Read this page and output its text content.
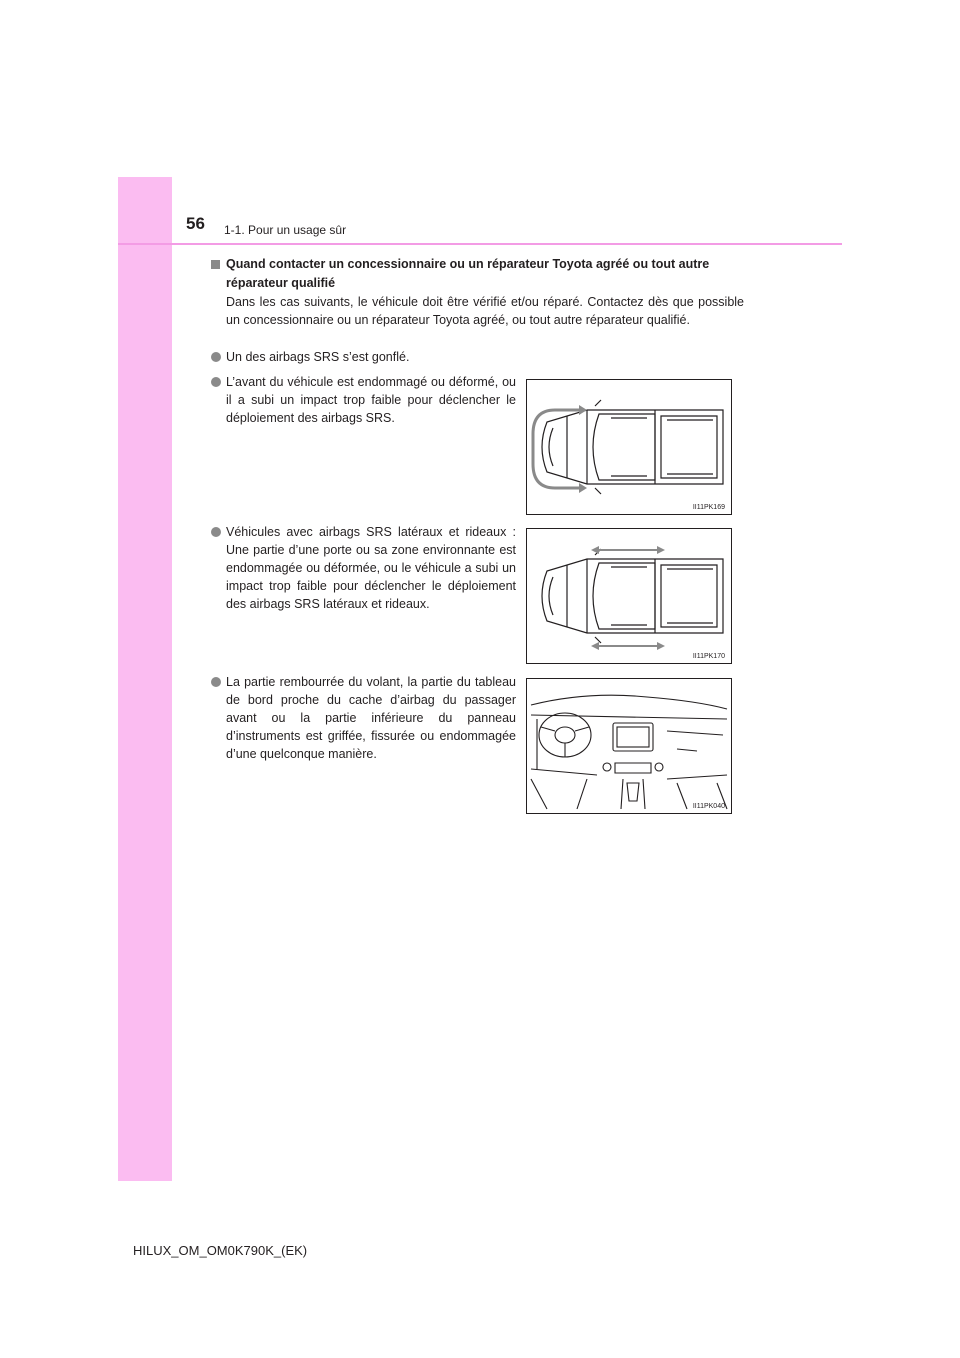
56 1-1. Pour un usage sûr
Quand contacter un concessionnaire ou un réparateur Toyota agréé ou tout autre réparateur qualifié
Dans les cas suivants, le véhicule doit être vérifié et/ou réparé. Contactez dès que possible un concessionnaire ou un réparateur Toyota agréé, ou tout autre réparateur qualifié.
Un des airbags SRS s’est gonflé.
L’avant du véhicule est endommagé ou déformé, ou il a subi un impact trop faible pour déclencher le déploiement des airbags SRS.
Véhicules avec airbags SRS latéraux et rideaux : Une partie d’une porte ou sa zone environnante est endommagée ou déformée, ou le véhicule a subi un impact trop faible pour déclencher le déploiement des airbags SRS latéraux et rideaux.
La partie rembourrée du volant, la partie du tableau de bord proche du cache d’airbag du passager avant ou la partie inférieure du panneau d’instruments est griffée, fissurée ou endommagée d’une quelconque manière.
II11PK169
II11PK170
II11PK040
HILUX_OM_OM0K790K_(EK)
